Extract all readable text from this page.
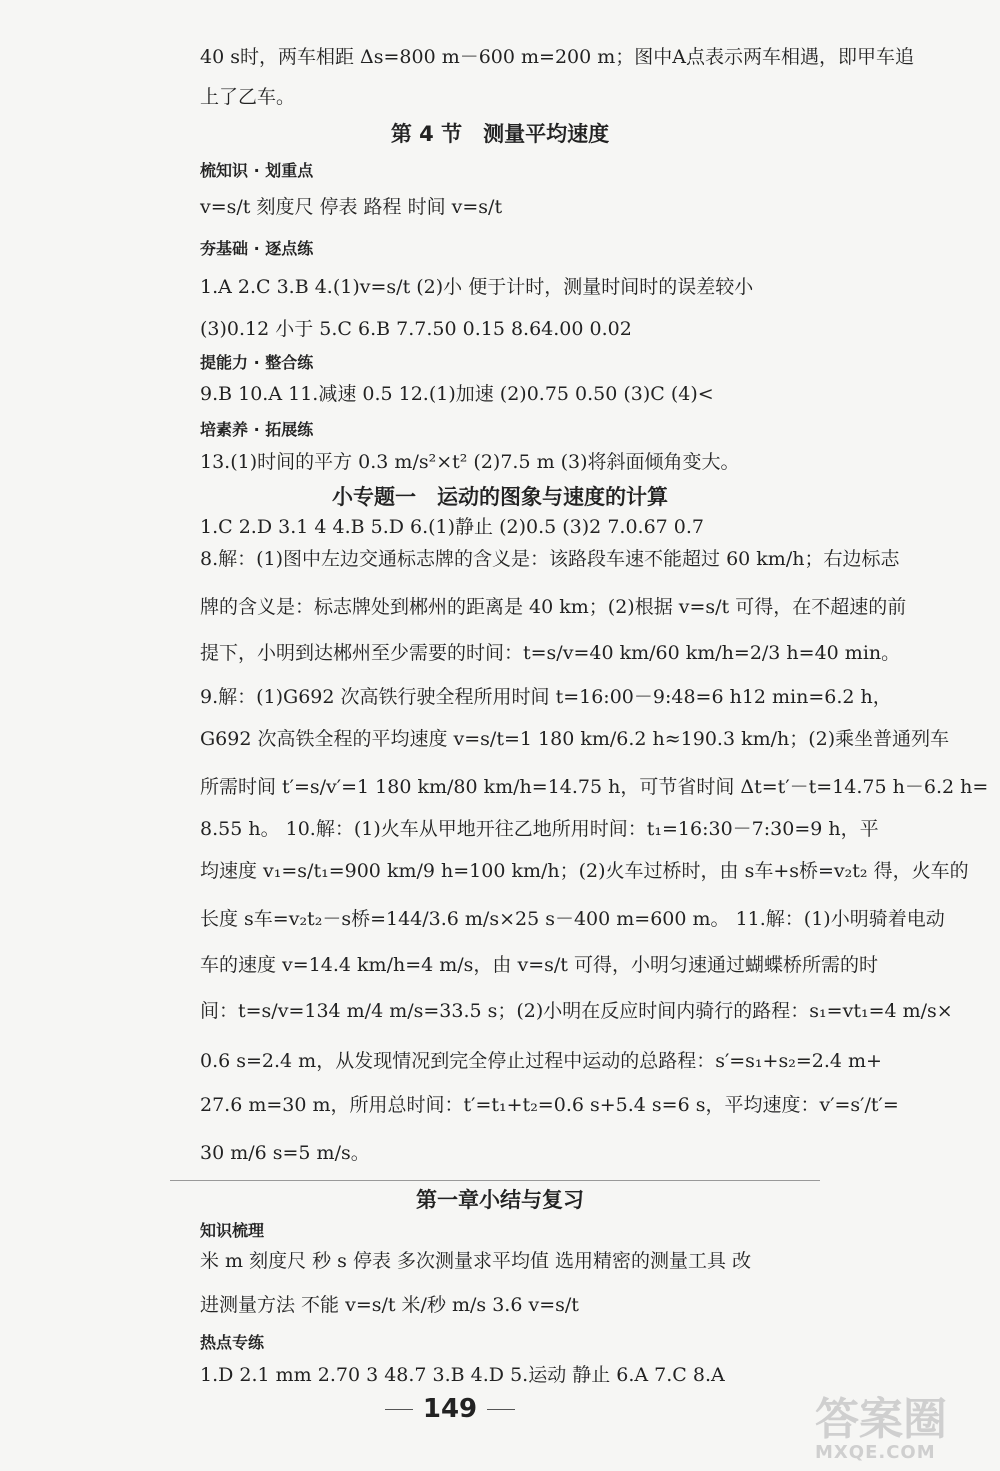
40 s时，两车相距 Δs=800 m－600 m=200 m；图中A点表示两车相遇，即甲车追
上了乙车。
第 4 节　测量平均速度
梳知识 · 划重点
v=s/t 刻度尺 停表 路程 时间 v=s/t
夯基础 · 逐点练
1.A 2.C 3.B 4.(1)v=s/t (2)小 便于计时，测量时间时的误差较小
(3)0.12 小于 5.C 6.B 7.7.50 0.15 8.64.00 0.02
提能力 · 整合练
9.B 10.A 11.减速 0.5 12.(1)加速 (2)0.75 0.50 (3)C (4)<
培素养 · 拓展练
13.(1)时间的平方 0.3 m/s²×t² (2)7.5 m (3)将斜面倾角变大。
小专题一　运动的图象与速度的计算
1.C 2.D 3.1 4 4.B 5.D 6.(1)静止 (2)0.5 (3)2 7.0.67 0.7
8.解：(1)图中左边交通标志牌的含义是：该路段车速不能超过 60 km/h；右边标志
牌的含义是：标志牌处到郴州的距离是 40 km；(2)根据 v=s/t 可得，在不超速的前
提下，小明到达郴州至少需要的时间：t=s/v=40 km/60 km/h=2/3 h=40 min。
9.解：(1)G692 次高铁行驶全程所用时间 t=16:00－9:48=6 h12 min=6.2 h，
G692 次高铁全程的平均速度 v=s/t=1 180 km/6.2 h≈190.3 km/h；(2)乘坐普通列车
所需时间 t′=s/v′=1 180 km/80 km/h=14.75 h，可节省时间 Δt=t′－t=14.75 h－6.2 h=
8.55 h。 10.解：(1)火车从甲地开往乙地所用时间：t₁=16:30－7:30=9 h，平
均速度 v₁=s/t₁=900 km/9 h=100 km/h；(2)火车过桥时，由 s车+s桥=v₂t₂ 得，火车的
长度 s车=v₂t₂－s桥=144/3.6 m/s×25 s－400 m=600 m。 11.解：(1)小明骑着电动
车的速度 v=14.4 km/h=4 m/s，由 v=s/t 可得，小明匀速通过蝴蝶桥所需的时
间：t=s/v=134 m/4 m/s=33.5 s；(2)小明在反应时间内骑行的路程：s₁=vt₁=4 m/s×
0.6 s=2.4 m，从发现情况到完全停止过程中运动的总路程：s′=s₁+s₂=2.4 m+
27.6 m=30 m，所用总时间：t′=t₁+t₂=0.6 s+5.4 s=6 s，平均速度：v′=s′/t′=
30 m/6 s=5 m/s。
第一章小结与复习
知识梳理
米 m 刻度尺 秒 s 停表 多次测量求平均值 选用精密的测量工具 改
进测量方法 不能 v=s/t 米/秒 m/s 3.6 v=s/t
热点专练
1.D 2.1 mm 2.70 3 48.7 3.B 4.D 5.运动 静止 6.A 7.C 8.A
149	答案圈
MXQE.COM
